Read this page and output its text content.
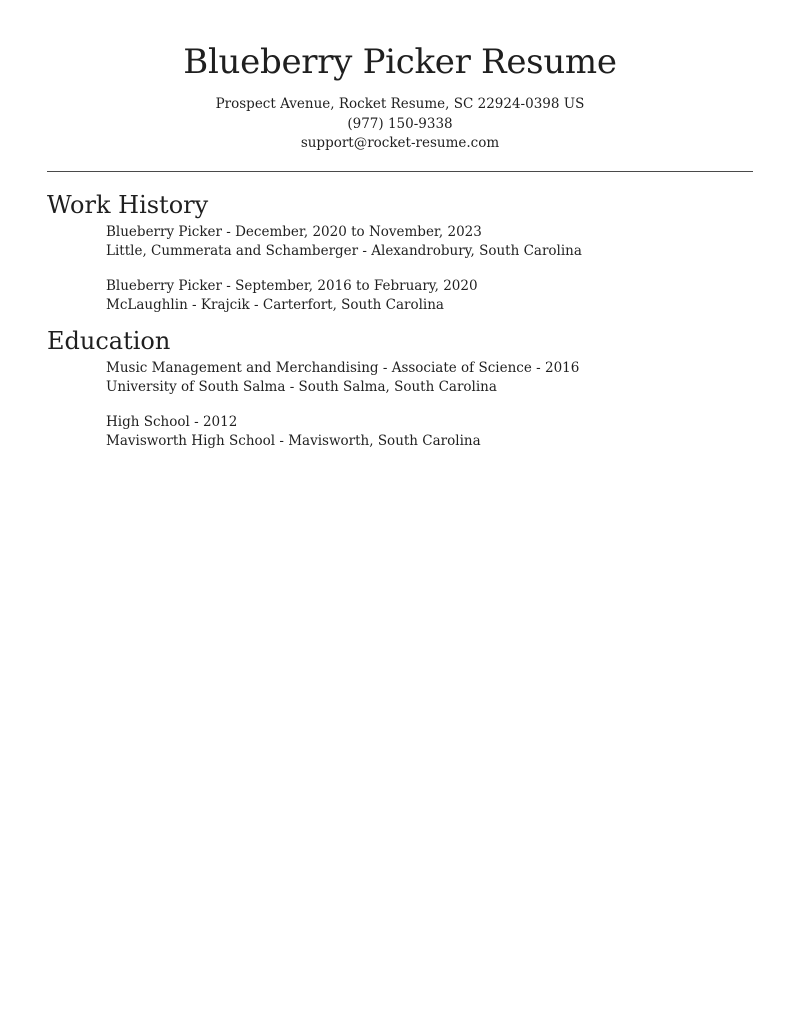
Blueberry Picker Resume
Prospect Avenue, Rocket Resume, SC 22924-0398 US
(977) 150-9338
support@rocket-resume.com
Work History
Blueberry Picker - December, 2020 to November, 2023
Little, Cummerata and Schamberger - Alexandrobury, South Carolina
Blueberry Picker - September, 2016 to February, 2020
McLaughlin - Krajcik - Carterfort, South Carolina
Education
Music Management and Merchandising - Associate of Science - 2016
University of South Salma - South Salma, South Carolina
High School - 2012
Mavisworth High School - Mavisworth, South Carolina
